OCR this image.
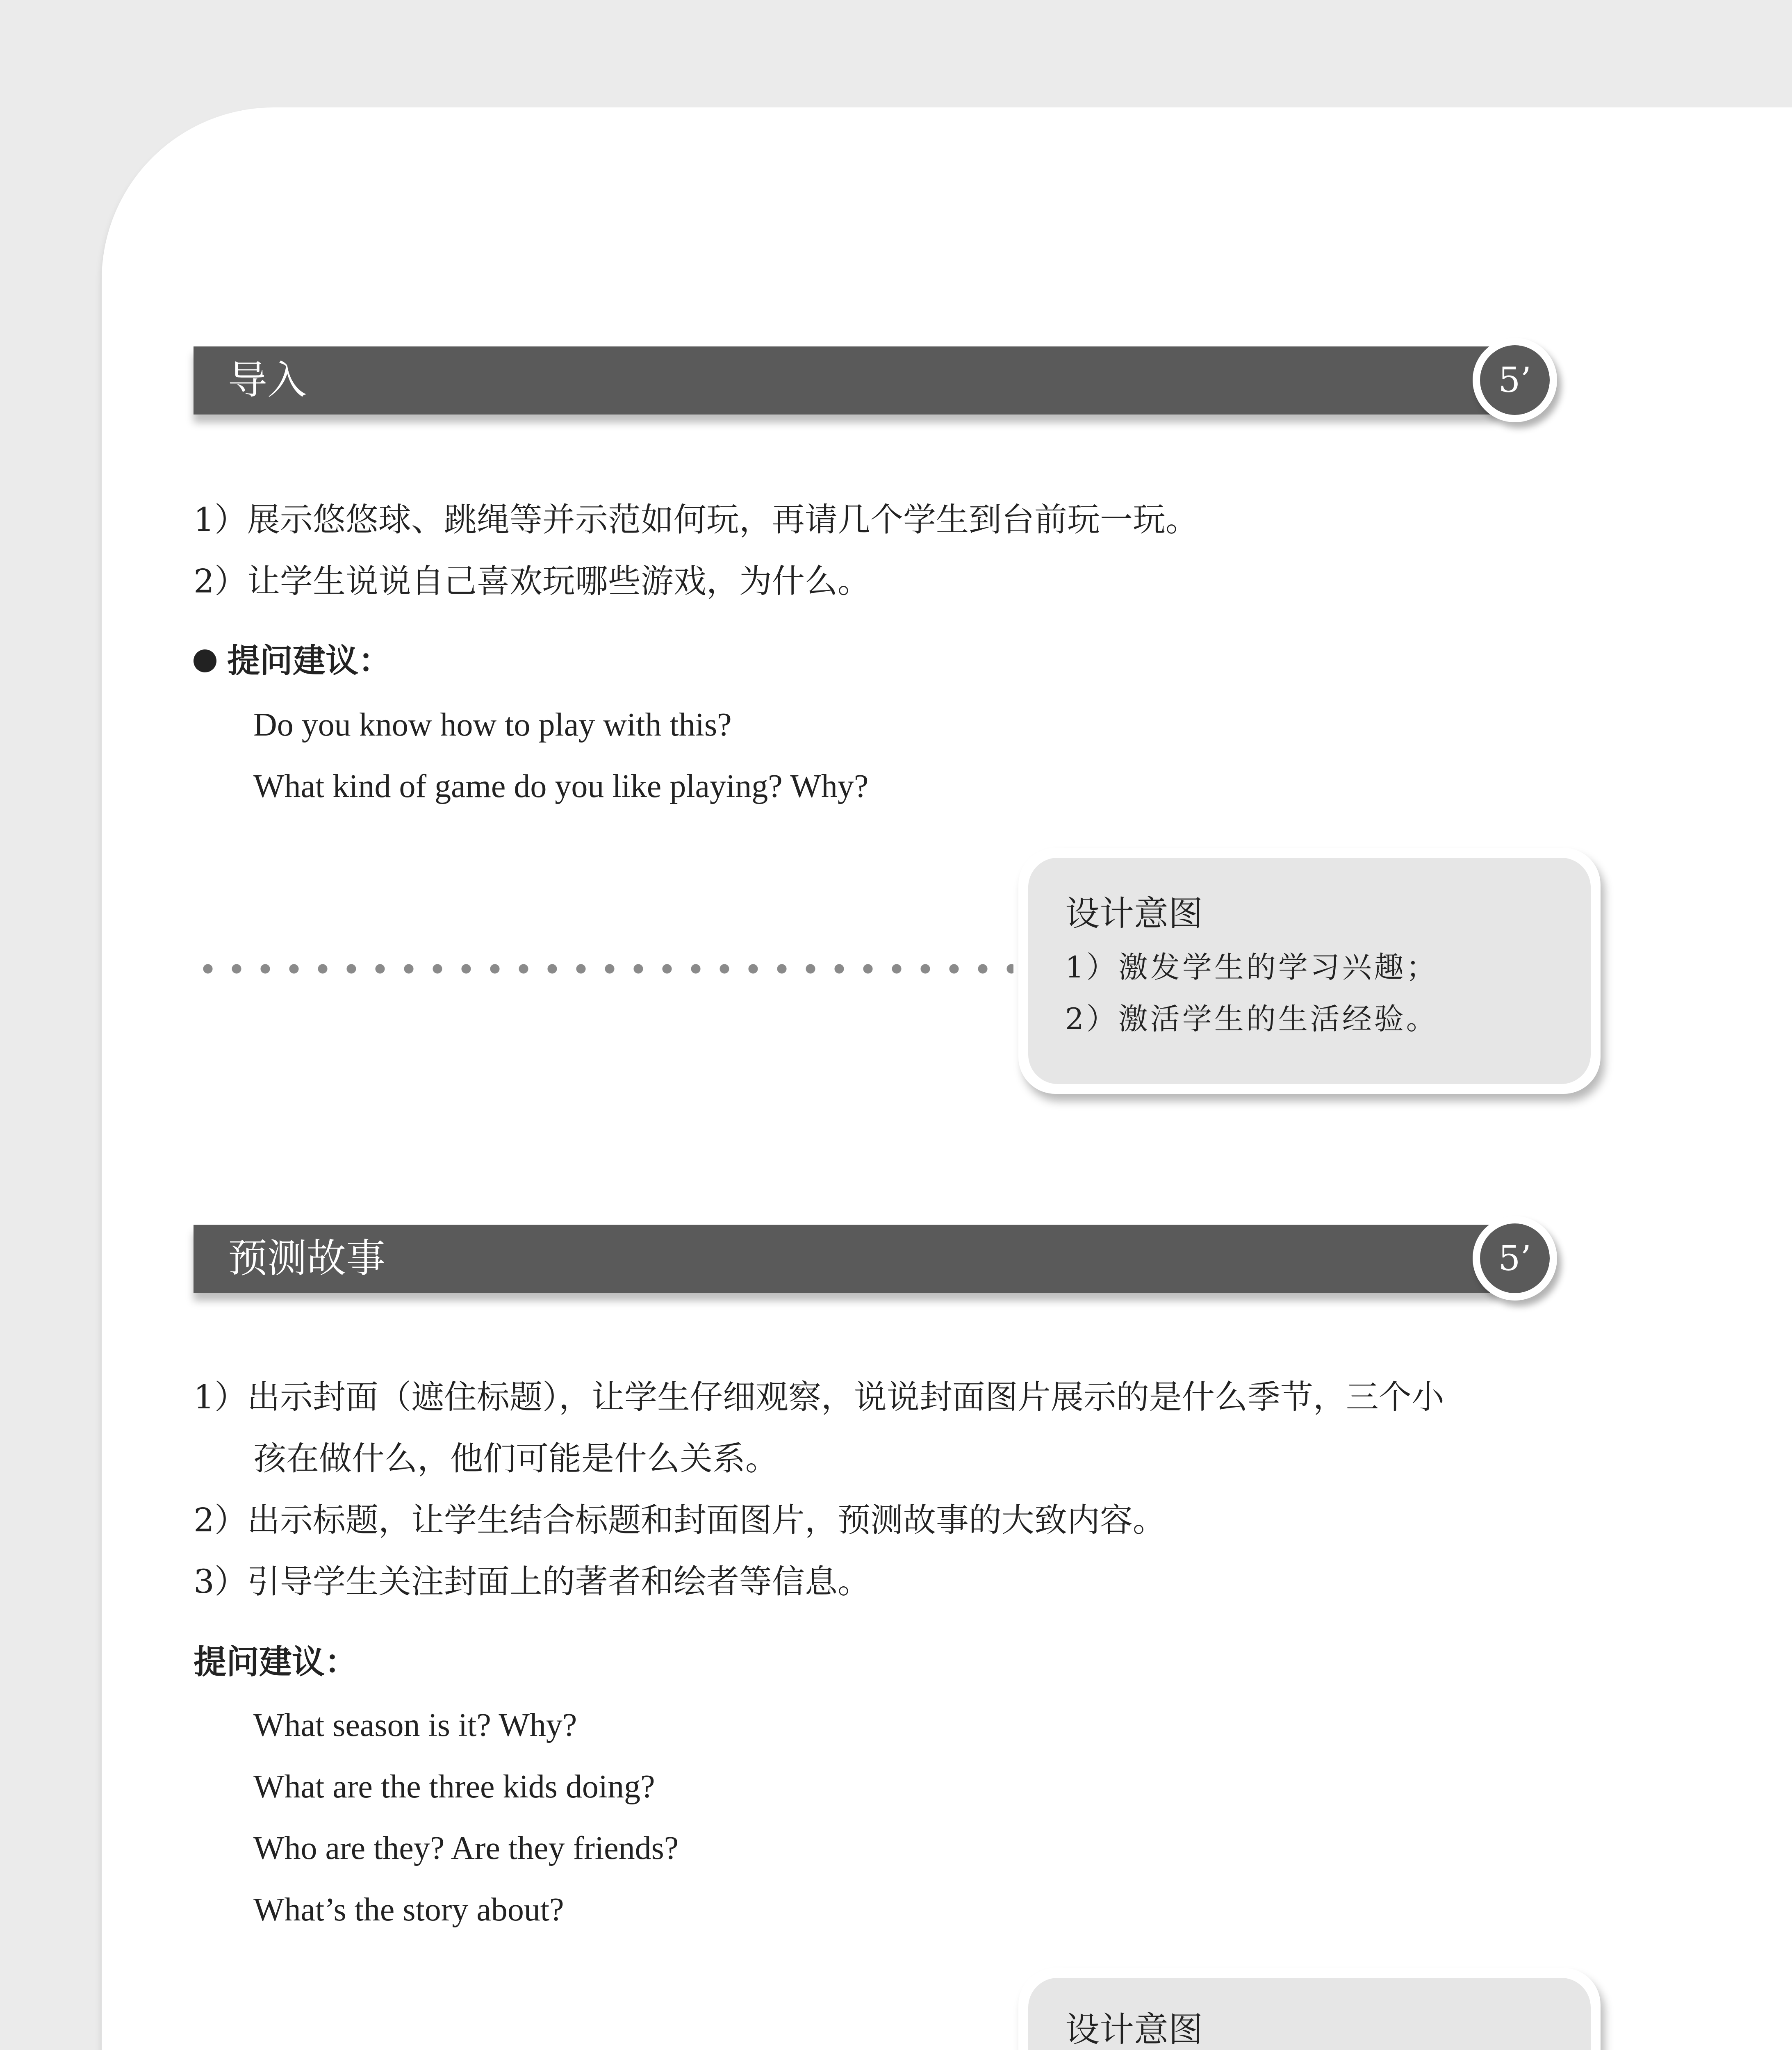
导入	5’
1）展示悠悠球、跳绳等并示范如何玩，再请几个学生到台前玩一玩。
2）让学生说说自己喜欢玩哪些游戏，为什么。
提问建议：
Do you know how to play with this?
What kind of game do you like playing? Why?
设计意图
1）激发学生的学习兴趣；
2）激活学生的生活经验。
预测故事	5’
1）出示封面（遮住标题），让学生仔细观察，说说封面图片展示的是什么季节，三个小
孩在做什么，他们可能是什么关系。
2）出示标题，让学生结合标题和封面图片，预测故事的大致内容。
3）引导学生关注封面上的著者和绘者等信息。
提问建议：
What season is it? Why?
What are the three kids doing?
Who are they? Are they friends?
What’s the story about?
设计意图
